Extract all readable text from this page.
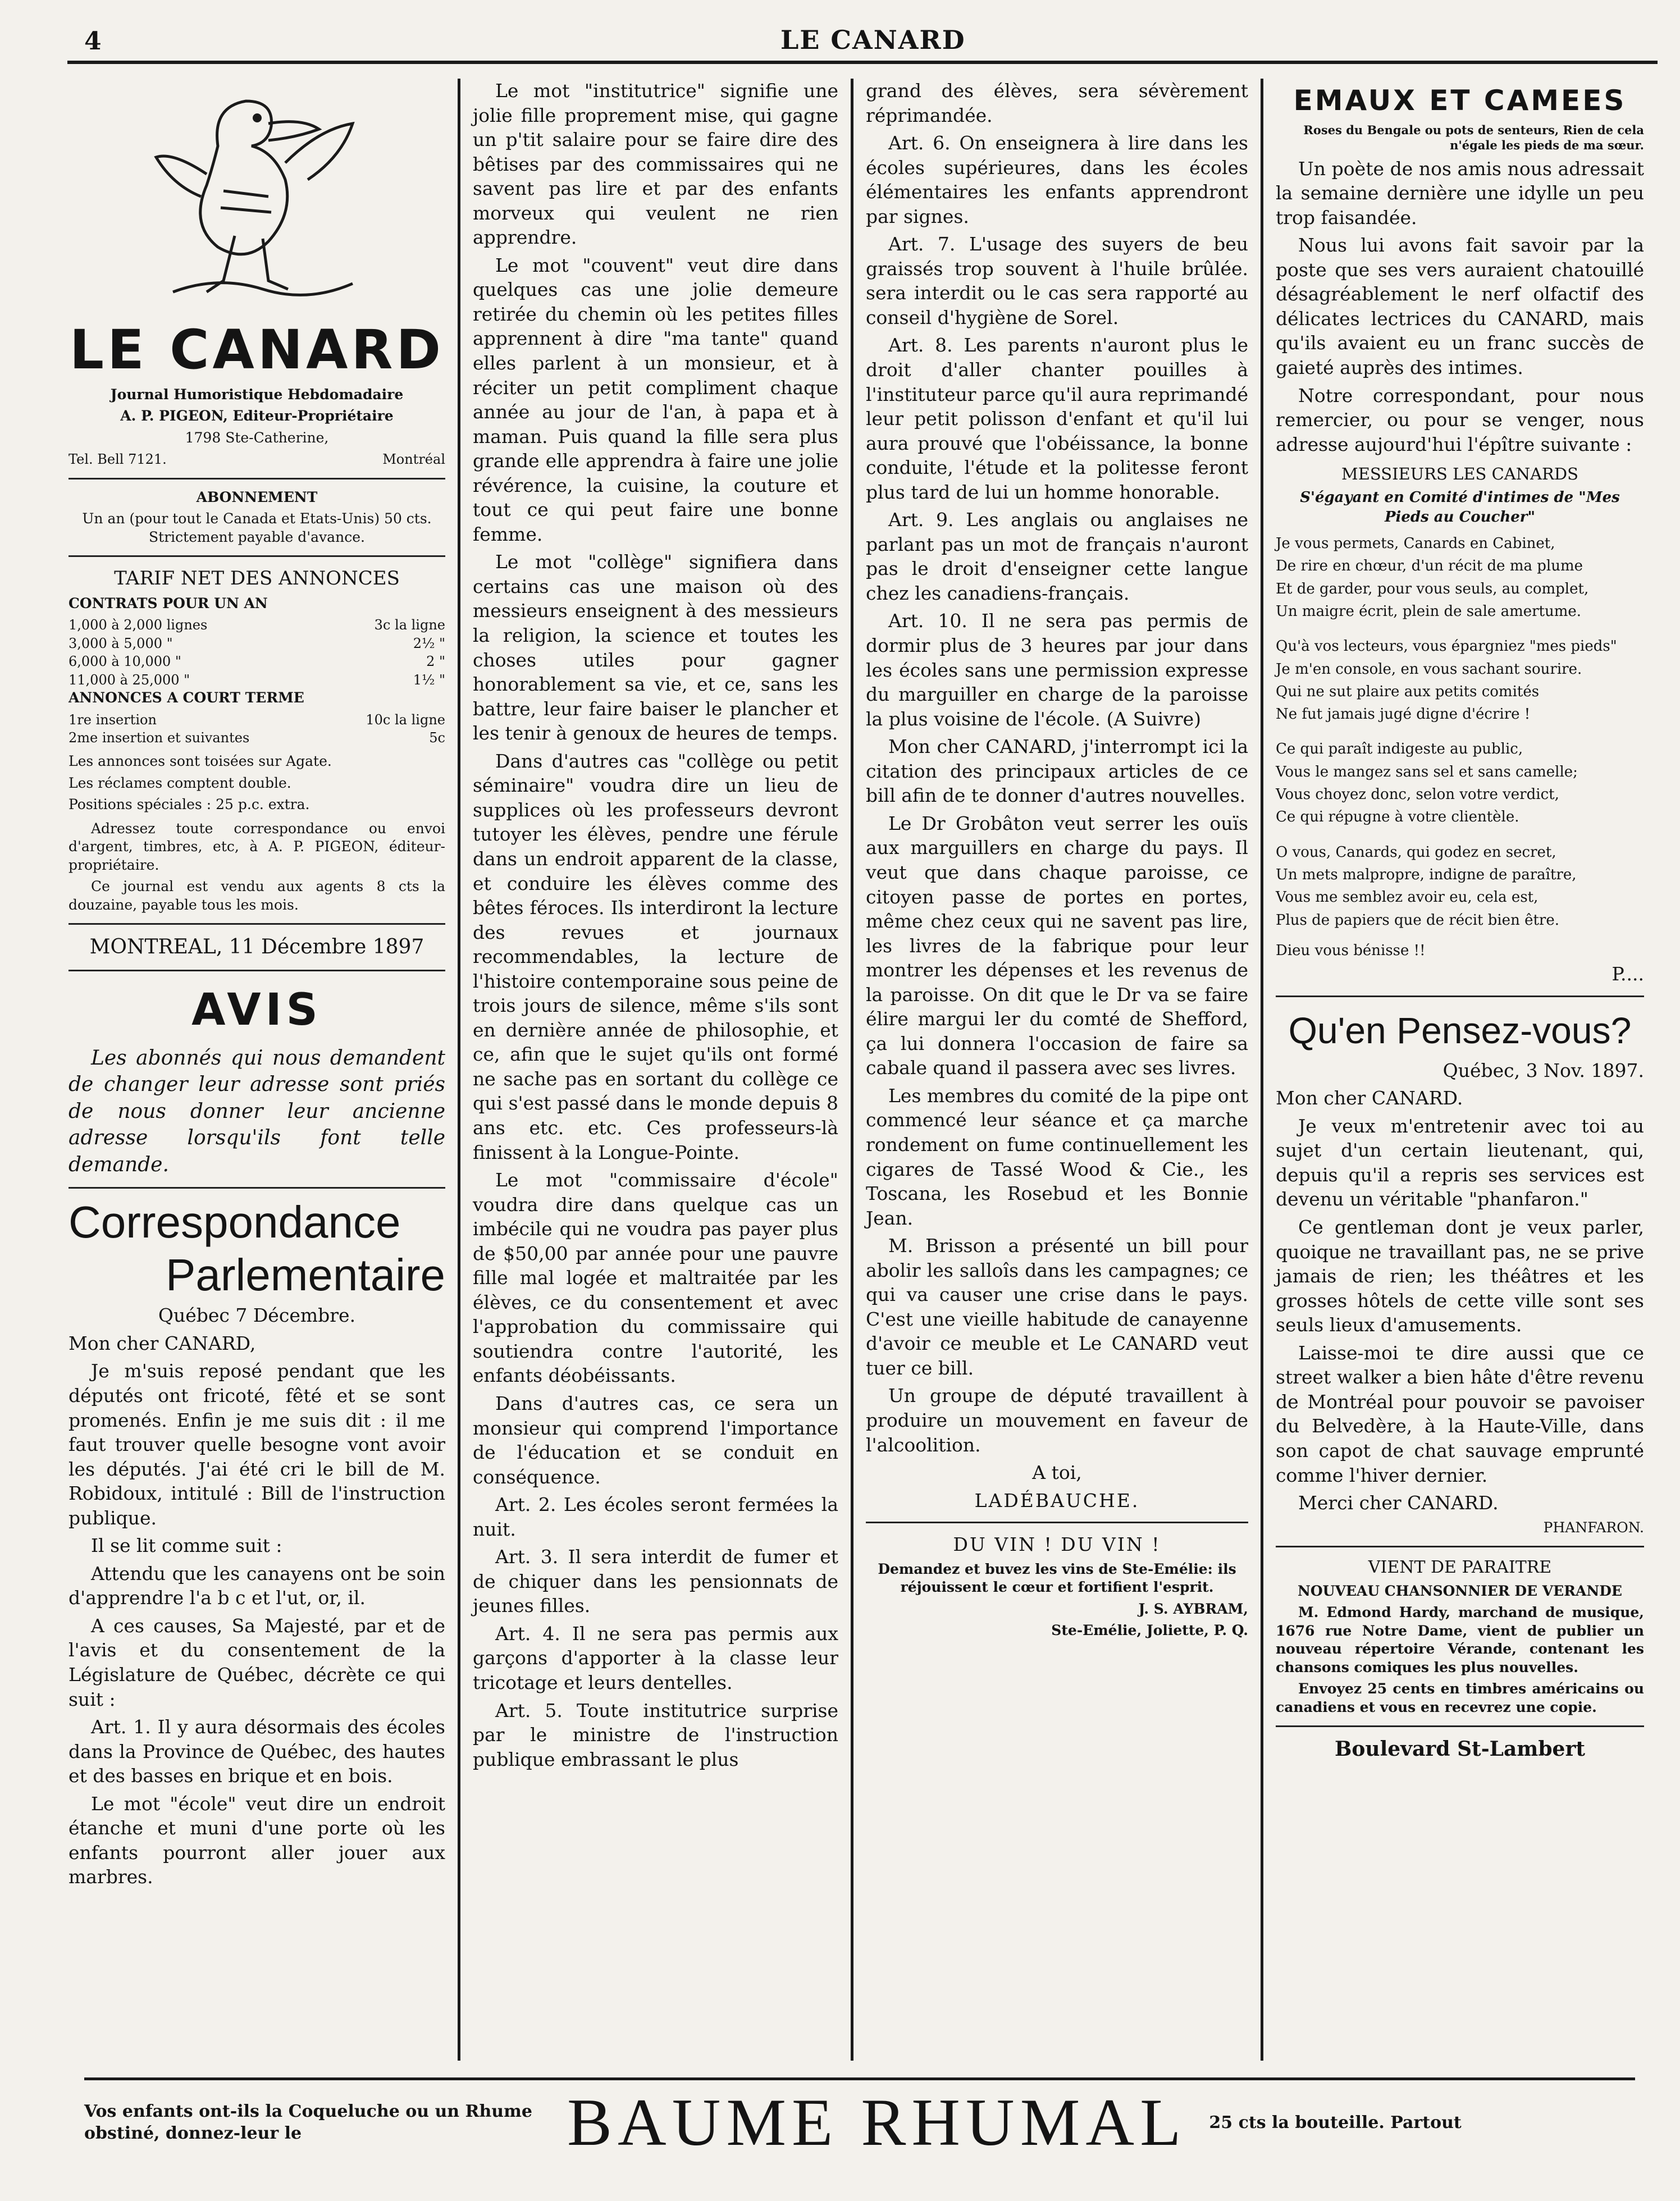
4	LE CANARD

LE CANARD

Journal Humoristique Hebdomadaire

A. P. PIGEON, Editeur-Propriétaire

1798 Ste-Catherine,

Tel. Bell 7121.	Montréal

ABONNEMENT

Un an (pour tout le Canada et Etats-Unis) 50 cts. Strictement payable d'avance.

TARIF NET DES ANNONCES

CONTRATS POUR UN AN

1,000 à 2,000 lignes	3c la ligne
3,000 à 5,000 "	2½ "
6,000 à 10,000 "	2 "
11,000 à 25,000 "	1½ "

ANNONCES A COURT TERME

1re insertion	10c la ligne
2me insertion et suivantes	5c

Les annonces sont toisées sur Agate.

Les réclames comptent double.

Positions spéciales : 25 p.c. extra.

Adressez toute correspondance ou envoi d'argent, timbres, etc, à A. P. PIGEON, éditeur-propriétaire.

Ce journal est vendu aux agents 8 cts la douzaine, payable tous les mois.

MONTREAL, 11 Décembre 1897

AVIS

Les abonnés qui nous demandent de changer leur adresse sont priés de nous donner leur ancienne adresse lorsqu'ils font telle demande.

Correspondance

Parlementaire

Québec 7 Décembre.

Mon cher CANARD,

Je m'suis reposé pendant que les députés ont fricoté, fêté et se sont promenés. Enfin je me suis dit : il me faut trouver quelle besogne vont avoir les députés. J'ai été cri le bill de M. Robidoux, intitulé : Bill de l'instruction publique.

Il se lit comme suit :

Attendu que les canayens ont be soin d'apprendre l'a b c et l'ut, or, il.

A ces causes, Sa Majesté, par et de l'avis et du consentement de la Législature de Québec, décrète ce qui suit :

Art. 1. Il y aura désormais des écoles dans la Province de Québec, des hautes et des basses en brique et en bois.

Le mot "école" veut dire un endroit étanche et muni d'une porte où les enfants pourront aller jouer aux marbres.

Le mot "institutrice" signifie une jolie fille proprement mise, qui gagne un p'tit salaire pour se faire dire des bêtises par des commissaires qui ne savent pas lire et par des enfants morveux qui veulent ne rien apprendre.

Le mot "couvent" veut dire dans quelques cas une jolie demeure retirée du chemin où les petites filles apprennent à dire "ma tante" quand elles parlent à un monsieur, et à réciter un petit compliment chaque année au jour de l'an, à papa et à maman. Puis quand la fille sera plus grande elle apprendra à faire une jolie révérence, la cuisine, la couture et tout ce qui peut faire une bonne femme.

Le mot "collège" signifiera dans certains cas une maison où des messieurs enseignent à des messieurs la religion, la science et toutes les choses utiles pour gagner honorablement sa vie, et ce, sans les battre, leur faire baiser le plancher et les tenir à genoux de heures de temps.

Dans d'autres cas "collège ou petit séminaire" voudra dire un lieu de supplices où les professeurs devront tutoyer les élèves, pendre une férule dans un endroit apparent de la classe, et conduire les élèves comme des bêtes féroces. Ils interdiront la lecture des revues et journaux recommendables, la lecture de l'histoire contemporaine sous peine de trois jours de silence, même s'ils sont en dernière année de philosophie, et ce, afin que le sujet qu'ils ont formé ne sache pas en sortant du collège ce qui s'est passé dans le monde depuis 8 ans etc. etc. Ces professeurs-là finissent à la Longue-Pointe.

Le mot "commissaire d'école" voudra dire dans quelque cas un imbécile qui ne voudra pas payer plus de $50,00 par année pour une pauvre fille mal logée et maltraitée par les élèves, ce du consentement et avec l'approbation du commissaire qui soutiendra contre l'autorité, les enfants déobéissants.

Dans d'autres cas, ce sera un monsieur qui comprend l'importance de l'éducation et se conduit en conséquence.

Art. 2. Les écoles seront fermées la nuit.

Art. 3. Il sera interdit de fumer et de chiquer dans les pensionnats de jeunes filles.

Art. 4. Il ne sera pas permis aux garçons d'apporter à la classe leur tricotage et leurs dentelles.

Art. 5. Toute institutrice surprise par le ministre de l'instruction publique embrassant le plus

grand des élèves, sera sévèrement réprimandée.

Art. 6. On enseignera à lire dans les écoles supérieures, dans les écoles élémentaires les enfants apprendront par signes.

Art. 7. L'usage des suyers de beu graissés trop souvent à l'huile brûlée. sera interdit ou le cas sera rapporté au conseil d'hygiène de Sorel.

Art. 8. Les parents n'auront plus le droit d'aller chanter pouilles à l'instituteur parce qu'il aura reprimandé leur petit polisson d'enfant et qu'il lui aura prouvé que l'obéissance, la bonne conduite, l'étude et la politesse feront plus tard de lui un homme honorable.

Art. 9. Les anglais ou anglaises ne parlant pas un mot de français n'auront pas le droit d'enseigner cette langue chez les canadiens-français.

Art. 10. Il ne sera pas permis de dormir plus de 3 heures par jour dans les écoles sans une permission expresse du marguiller en charge de la paroisse la plus voisine de l'école. (A Suivre)

Mon cher CANARD, j'interrompt ici la citation des principaux articles de ce bill afin de te donner d'autres nouvelles.

Le Dr Grobâton veut serrer les ouïs aux marguillers en charge du pays. Il veut que dans chaque paroisse, ce citoyen passe de portes en portes, même chez ceux qui ne savent pas lire, les livres de la fabrique pour leur montrer les dépenses et les revenus de la paroisse. On dit que le Dr va se faire élire margui ler du comté de Shefford, ça lui donnera l'occasion de faire sa cabale quand il passera avec ses livres.

Les membres du comité de la pipe ont commencé leur séance et ça marche rondement on fume continuellement les cigares de Tassé Wood & Cie., les Toscana, les Rosebud et les Bonnie Jean.

M. Brisson a présenté un bill pour abolir les salloîs dans les campagnes; ce qui va causer une crise dans le pays. C'est une vieille habitude de canayenne d'avoir ce meuble et Le CANARD veut tuer ce bill.

Un groupe de député travaillent à produire un mouvement en faveur de l'alcoolition.

A toi,

LADÉBAUCHE.

DU VIN ! DU VIN !

Demandez et buvez les vins de Ste-Emélie: ils réjouissent le cœur et fortifient l'esprit.

J. S. AYBRAM,

Ste-Emélie, Joliette, P. Q.

EMAUX ET CAMEES

Roses du Bengale ou pots de senteurs, Rien de cela n'égale les pieds de ma sœur.

Un poète de nos amis nous adressait la semaine dernière une idylle un peu trop faisandée.

Nous lui avons fait savoir par la poste que ses vers auraient chatouillé désagréablement le nerf olfactif des délicates lectrices du CANARD, mais qu'ils avaient eu un franc succès de gaieté auprès des intimes.

Notre correspondant, pour nous remercier, ou pour se venger, nous adresse aujourd'hui l'épître suivante :

MESSIEURS LES CANARDS

S'égayant en Comité d'intimes de "Mes Pieds au Coucher"

Je vous permets, Canards en Cabinet,

De rire en chœur, d'un récit de ma plume

Et de garder, pour vous seuls, au complet,

Un maigre écrit, plein de sale amertume.

Qu'à vos lecteurs, vous épargniez "mes pieds"

Je m'en console, en vous sachant sourire.

Qui ne sut plaire aux petits comités

Ne fut jamais jugé digne d'écrire !

Ce qui paraît indigeste au public,

Vous le mangez sans sel et sans camelle;

Vous choyez donc, selon votre verdict,

Ce qui répugne à votre clientèle.

O vous, Canards, qui godez en secret,

Un mets malpropre, indigne de paraître,

Vous me semblez avoir eu, cela est,

Plus de papiers que de récit bien être.

Dieu vous bénisse !!

P....

Qu'en Pensez-vous?

Québec, 3 Nov. 1897.

Mon cher CANARD.

Je veux m'entretenir avec toi au sujet d'un certain lieutenant, qui, depuis qu'il a repris ses services est devenu un véritable "phanfaron."

Ce gentleman dont je veux parler, quoique ne travaillant pas, ne se prive jamais de rien; les théâtres et les grosses hôtels de cette ville sont ses seuls lieux d'amusements.

Laisse-moi te dire aussi que ce street walker a bien hâte d'être revenu de Montréal pour pouvoir se pavoiser du Belvedère, à la Haute-Ville, dans son capot de chat sauvage emprunté comme l'hiver dernier.

Merci cher CANARD.

PHANFARON.

VIENT DE PARAITRE

NOUVEAU CHANSONNIER DE VERANDE

M. Edmond Hardy, marchand de musique, 1676 rue Notre Dame, vient de publier un nouveau répertoire Vérande, contenant les chansons comiques les plus nouvelles.

Envoyez 25 cents en timbres américains ou canadiens et vous en recevrez une copie.

Boulevard St-Lambert

Vos enfants ont-ils la Coqueluche ou un Rhume obstiné, donnez-leur le	BAUME RHUMAL 25 cts la bouteille. Partout
